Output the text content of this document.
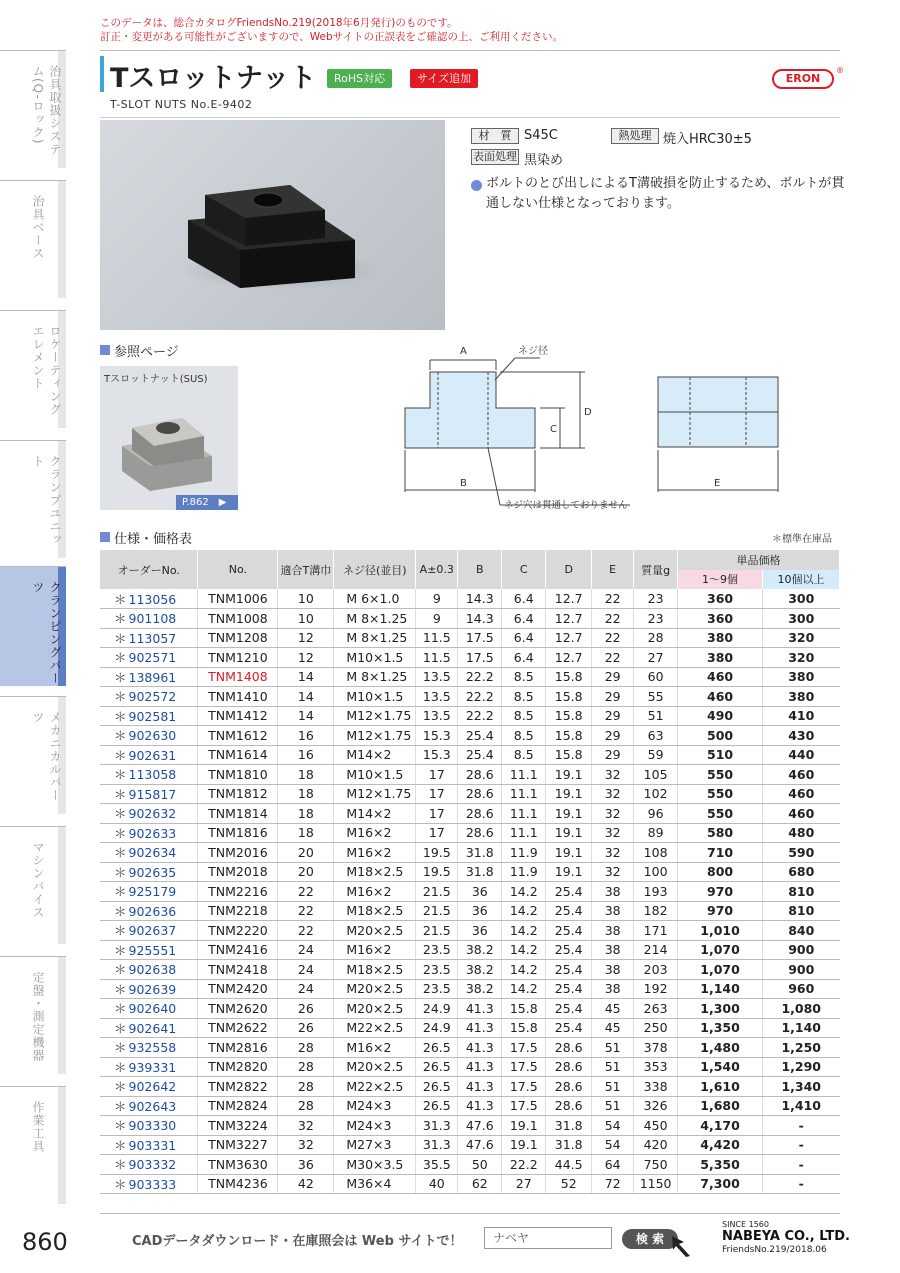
このデータは、総合カタログFriendsNo.219(2018年6月発行)のものです。
訂正・変更がある可能性がございますので、Webサイトの正誤表をご確認の上、ご利用ください。
Tスロットナット	RoHS対応	サイズ追加
T-SLOT NUTS No.E-9402
ERON
®
治具取扱システム(Q-ロック)
治具ベース
ロケーティングエレメント
クランプユニット
クランピングパーツ
メカニカルパーツ
マシンバイス
定盤・測定機器
作業工具
材　質 S45C	熱処理 焼入HRC30±5
表面処理 黒染め
ボルトのとび出しによるT溝破損を防止するため、ボルトが貫通しない仕様となっております。
参照ページ
Tスロットナット(SUS)
P.862　▶
A	ネジ径
B
C
D
E
ネジ穴は貫通しておりません
仕様・価格表	＊標準在庫品
オーダーNo.	No.	適合T溝巾	ネジ径(並目)	A±0.3	B	C	D	E	質量g	単品価格	
										1～9個	10個以上
＊ 113056	TNM1006	10	M 6×1.0	9	14.3	6.4	12.7	22	23	360	300
＊ 901108	TNM1008	10	M 8×1.25	9	14.3	6.4	12.7	22	23	360	300
＊ 113057	TNM1208	12	M 8×1.25	11.5	17.5	6.4	12.7	22	28	380	320
＊ 902571	TNM1210	12	M10×1.5	11.5	17.5	6.4	12.7	22	27	380	320
＊ 138961	TNM1408	14	M 8×1.25	13.5	22.2	8.5	15.8	29	60	460	380
＊ 902572	TNM1410	14	M10×1.5	13.5	22.2	8.5	15.8	29	55	460	380
＊ 902581	TNM1412	14	M12×1.75	13.5	22.2	8.5	15.8	29	51	490	410
＊ 902630	TNM1612	16	M12×1.75	15.3	25.4	8.5	15.8	29	63	500	430
＊ 902631	TNM1614	16	M14×2	15.3	25.4	8.5	15.8	29	59	510	440
＊ 113058	TNM1810	18	M10×1.5	17	28.6	11.1	19.1	32	105	550	460
＊ 915817	TNM1812	18	M12×1.75	17	28.6	11.1	19.1	32	102	550	460
＊ 902632	TNM1814	18	M14×2	17	28.6	11.1	19.1	32	96	550	460
＊ 902633	TNM1816	18	M16×2	17	28.6	11.1	19.1	32	89	580	480
＊ 902634	TNM2016	20	M16×2	19.5	31.8	11.9	19.1	32	108	710	590
＊ 902635	TNM2018	20	M18×2.5	19.5	31.8	11.9	19.1	32	100	800	680
＊ 925179	TNM2216	22	M16×2	21.5	36	14.2	25.4	38	193	970	810
＊ 902636	TNM2218	22	M18×2.5	21.5	36	14.2	25.4	38	182	970	810
＊ 902637	TNM2220	22	M20×2.5	21.5	36	14.2	25.4	38	171	1,010	840
＊ 925551	TNM2416	24	M16×2	23.5	38.2	14.2	25.4	38	214	1,070	900
＊ 902638	TNM2418	24	M18×2.5	23.5	38.2	14.2	25.4	38	203	1,070	900
＊ 902639	TNM2420	24	M20×2.5	23.5	38.2	14.2	25.4	38	192	1,140	960
＊ 902640	TNM2620	26	M20×2.5	24.9	41.3	15.8	25.4	45	263	1,300	1,080
＊ 902641	TNM2622	26	M22×2.5	24.9	41.3	15.8	25.4	45	250	1,350	1,140
＊ 932558	TNM2816	28	M16×2	26.5	41.3	17.5	28.6	51	378	1,480	1,250
＊ 939331	TNM2820	28	M20×2.5	26.5	41.3	17.5	28.6	51	353	1,540	1,290
＊ 902642	TNM2822	28	M22×2.5	26.5	41.3	17.5	28.6	51	338	1,610	1,340
＊ 902643	TNM2824	28	M24×3	26.5	41.3	17.5	28.6	51	326	1,680	1,410
＊ 903330	TNM3224	32	M24×3	31.3	47.6	19.1	31.8	54	450	4,170	-
＊ 903331	TNM3227	32	M27×3	31.3	47.6	19.1	31.8	54	420	4,420	-
＊ 903332	TNM3630	36	M30×3.5	35.5	50	22.2	44.5	64	750	5,350	-
＊ 903333	TNM4236	42	M36×4	40	62	27	52	72	1150	7,300	-
860	CADデータダウンロード・在庫照会は Web サイトで！	ナベヤ	検 索
SINCE 1560
NABEYA CO., LTD.
FriendsNo.219/2018.06
